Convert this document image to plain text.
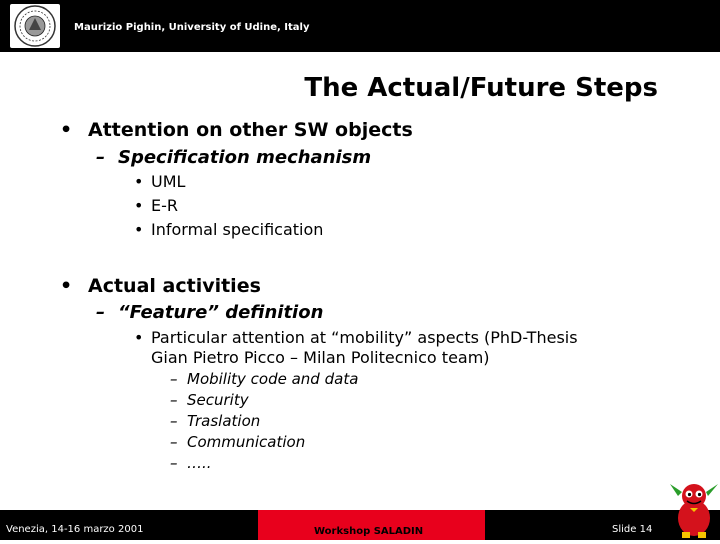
Maurizio Pighin, University of Udine, Italy
The Actual/Future Steps
• Attention on other SW objects
– Specification mechanism
• UML
• E-R
• Informal specification
• Actual activities
– “Feature” definition
• Particular attention at “mobility” aspects (PhD-Thesis
Gian Pietro Picco – Milan Politecnico team)
– Mobility code and data
– Security
– Traslation
– Communication
– …..
Venezia, 14-16 marzo 2001	Workshop SALADIN	Slide 14
